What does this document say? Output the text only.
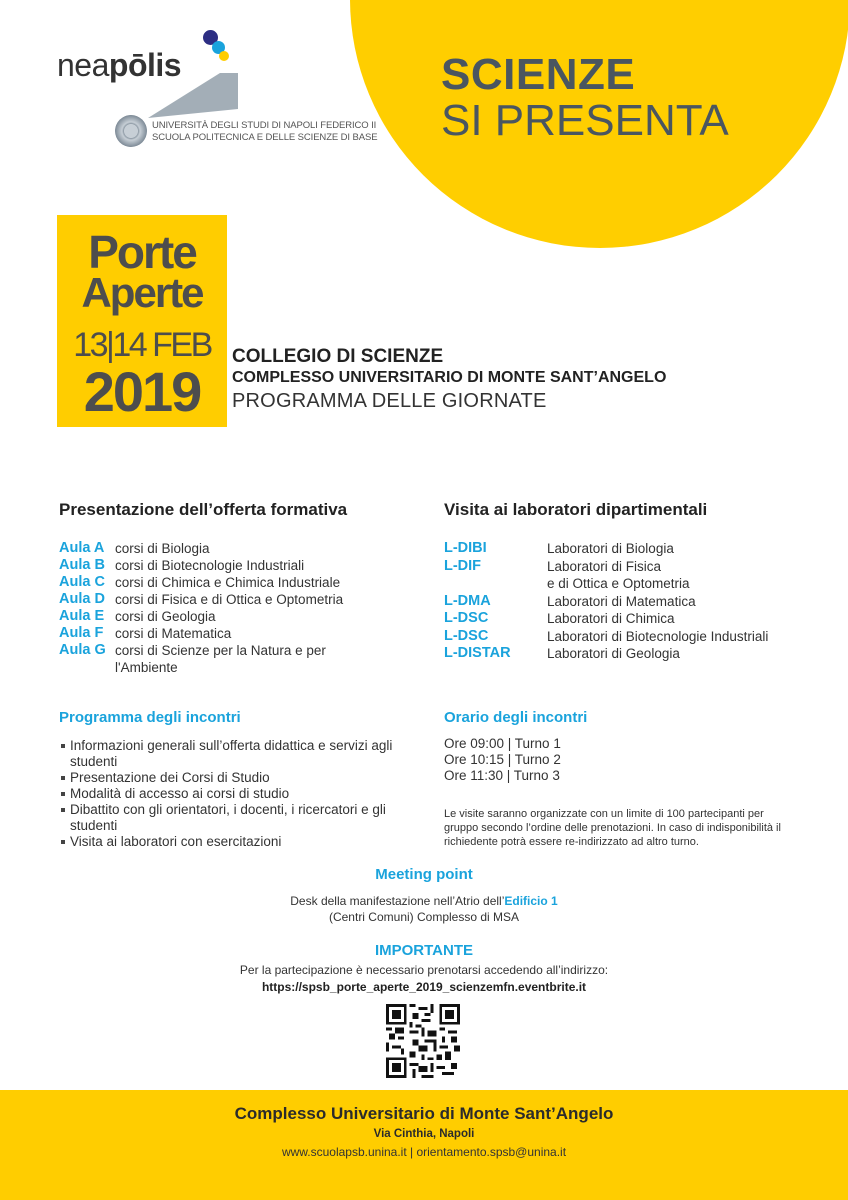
SCIENZE
SI PRESENTA
neapōlis
UNIVERSITÀ DEGLI STUDI DI NAPOLI FEDERICO II
SCUOLA POLITECNICA E DELLE SCIENZE DI BASE
Porte
Aperte
13|14 FEB
2019
COLLEGIO DI SCIENZE
COMPLESSO UNIVERSITARIO DI MONTE SANT’ANGELO
PROGRAMMA DELLE GIORNATE
Presentazione dell’offerta formativa
Aula A corsi di Biologia
Aula B corsi di Biotecnologie Industriali
Aula C corsi di Chimica e Chimica Industriale
Aula D corsi di Fisica e di Ottica e Optometria
Aula E corsi di Geologia
Aula F corsi di Matematica
Aula G corsi di Scienze per la Natura e per l'Ambiente
Visita ai laboratori dipartimentali
L-DIBI	Laboratori di Biologia
L-DIF	Laboratori di Fisica
e di Ottica e Optometria
L-DMA	Laboratori di Matematica
L-DSC	Laboratori di Chimica
L-DSC	Laboratori di Biotecnologie Industriali
L-DISTAR	Laboratori di Geologia
Programma degli incontri
Informazioni generali sull’offerta didattica e servizi agli studenti
Presentazione dei Corsi di Studio
Modalità di accesso ai corsi di studio
Dibattito con gli orientatori, i docenti, i ricercatori e gli studenti
Visita ai laboratori con esercitazioni
Orario degli incontri
Ore 09:00 | Turno 1
Ore 10:15 | Turno 2
Ore 11:30 | Turno 3
Le visite saranno organizzate con un limite di 100 partecipanti per gruppo secondo l’ordine delle prenotazioni. In caso di indisponibilità il richiedente potrà essere re-indirizzato ad altro turno.
Meeting point
Desk della manifestazione nell’Atrio dell’Edificio 1
(Centri Comuni) Complesso di MSA
IMPORTANTE
Per la partecipazione è necessario prenotarsi accedendo all’indirizzo:
https://spsb_porte_aperte_2019_scienzemfn.eventbrite.it
Complesso Universitario di Monte Sant’Angelo
Via Cinthia, Napoli
www.scuolapsb.unina.it | orientamento.spsb@unina.it
